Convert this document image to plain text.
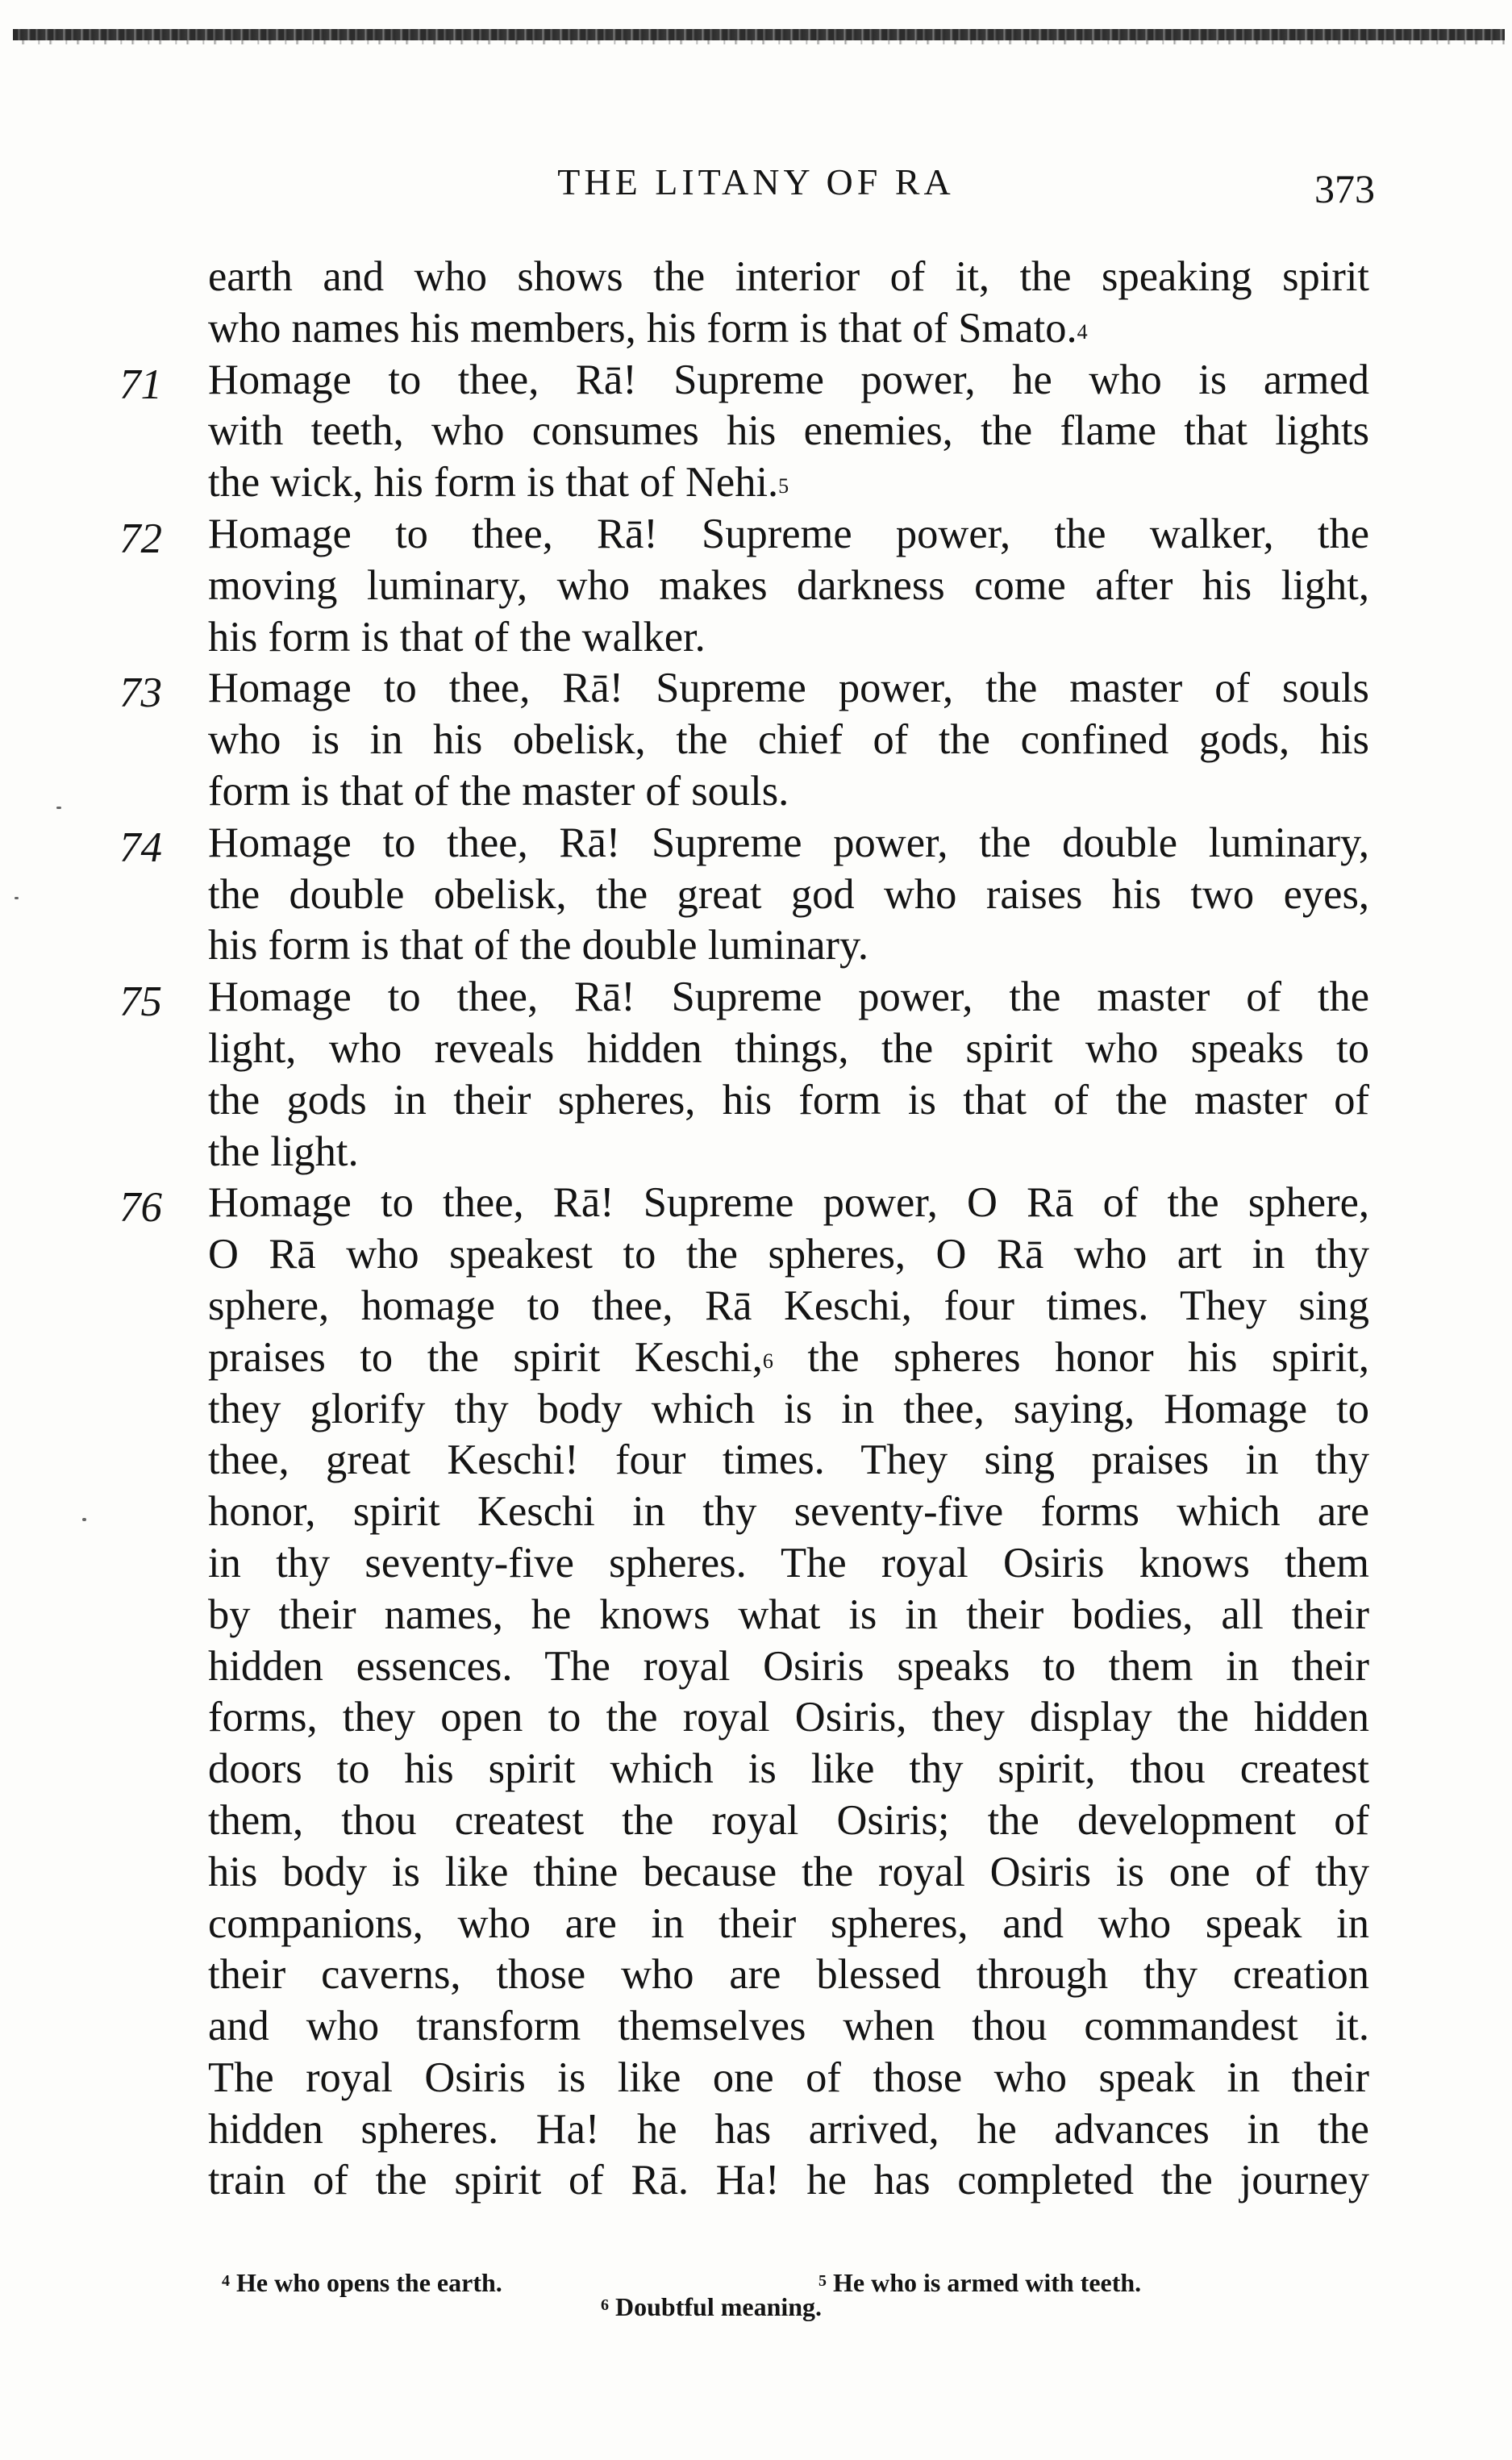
THE LITANY OF RA	373
earth and who shows the interior of it, the speaking spirit
who names his members, his form is that of Smato.$^4$
71	Homage to thee, Rā! Supreme power, he who is armed
with teeth, who consumes his enemies, the flame that lights
the wick, his form is that of Nehi.$^5$
72	Homage to thee, Rā! Supreme power, the walker, the
moving luminary, who makes darkness come after his light,
his form is that of the walker.
73	Homage to thee, Rā! Supreme power, the master of souls
who is in his obelisk, the chief of the confined gods, his
form is that of the master of souls.
74	Homage to thee, Rā! Supreme power, the double luminary,
the double obelisk, the great god who raises his two eyes,
his form is that of the double luminary.
75	Homage to thee, Rā! Supreme power, the master of the
light, who reveals hidden things, the spirit who speaks to
the gods in their spheres, his form is that of the master of
the light.
76	Homage to thee, Rā! Supreme power, O Rā of the sphere,
O Rā who speakest to the spheres, O Rā who art in thy
sphere, homage to thee, Rā Keschi, four times. They sing
praises to the spirit Keschi,$^6$ the spheres honor his spirit,
they glorify thy body which is in thee, saying, Homage to
thee, great Keschi! four times. They sing praises in thy
honor, spirit Keschi in thy seventy-five forms which are
in thy seventy-five spheres. The royal Osiris knows them
by their names, he knows what is in their bodies, all their
hidden essences. The royal Osiris speaks to them in their
forms, they open to the royal Osiris, they display the hidden
doors to his spirit which is like thy spirit, thou createst
them, thou createst the royal Osiris; the development of
his body is like thine because the royal Osiris is one of thy
companions, who are in their spheres, and who speak in
their caverns, those who are blessed through thy creation
and who transform themselves when thou commandest it.
The royal Osiris is like one of those who speak in their
hidden spheres. Ha! he has arrived, he advances in the
train of the spirit of Rā. Ha! he has completed the journey
$^4$ He who opens the earth.	$^5$ He who is armed with teeth.
$^6$ Doubtful meaning.
